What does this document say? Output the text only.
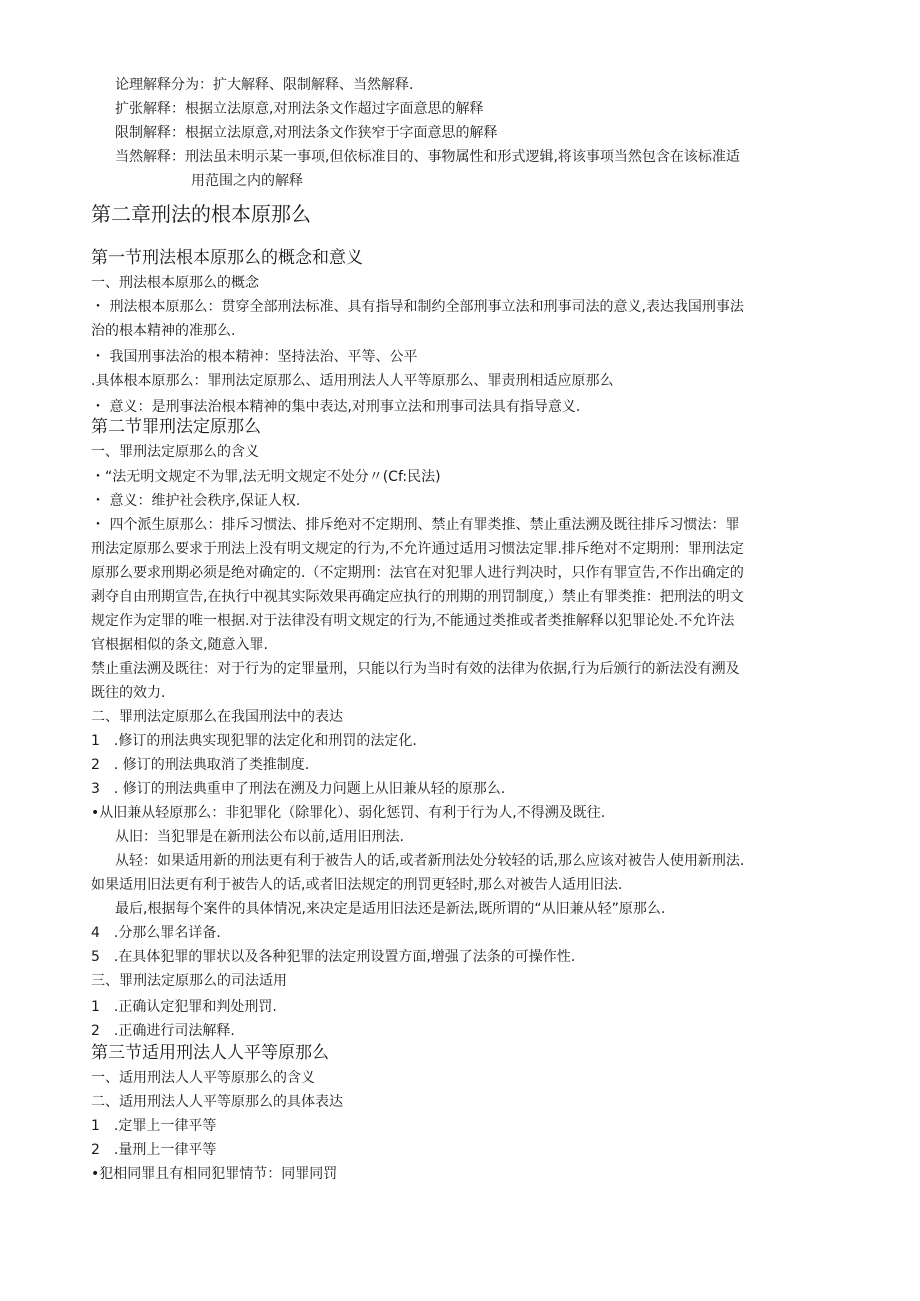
论理解释分为：扩大解释、限制解释、当然解释.
扩张解释：根据立法原意,对刑法条文作超过字面意思的解释
限制解释：根据立法原意,对刑法条文作狭窄于字面意思的解释
当然解释：刑法虽未明示某一事项,但依标准目的、事物属性和形式逻辑,将该事项当然包含在该标准适
用范围之内的解释
第二章刑法的根本原那么
第一节刑法根本原那么的概念和意义
一、刑法根本原那么的概念
・ 刑法根本原那么：贯穿全部刑法标准、具有指导和制约全部刑事立法和刑事司法的意义,表达我国刑事法
治的根本精神的准那么.
・ 我国刑事法治的根本精神：坚持法治、平等、公平
.具体根本原那么：罪刑法定原那么、适用刑法人人平等原那么、罪责刑相适应原那么
・ 意义：是刑事法治根本精神的集中表达,对刑事立法和刑事司法具有指导意义.
第二节罪刑法定原那么
一、罪刑法定原那么的含义
・“法无明文规定不为罪,法无明文规定不处分〃(Cf:民法)
・ 意义：维护社会秩序,保证人权.
・ 四个派生原那么：排斥习惯法、排斥绝对不定期刑、禁止有罪类推、禁止重法溯及既往排斥习惯法：罪
刑法定原那么要求于刑法上没有明文规定的行为,不允许通过适用习惯法定罪.排斥绝对不定期刑：罪刑法定
原那么要求刑期必须是绝对确定的.（不定期刑：法官在对犯罪人进行判决时，只作有罪宣告,不作出确定的
剥夺自由刑期宣告,在执行中视其实际效果再确定应执行的刑期的刑罚制度,）禁止有罪类推：把刑法的明文
规定作为定罪的唯一根据.对于法律没有明文规定的行为,不能通过类推或者类推解释以犯罪论处.不允许法
官根据相似的条文,随意入罪.
禁止重法溯及既往：对于行为的定罪量刑，只能以行为当时有效的法律为依据,行为后颁行的新法没有溯及
既往的效力.
二、罪刑法定原那么在我国刑法中的表达
1　.修订的刑法典实现犯罪的法定化和刑罚的法定化.
2　. 修订的刑法典取消了类推制度.
3　. 修订的刑法典重申了刑法在溯及力问题上从旧兼从轻的原那么.
•从旧兼从轻原那么：非犯罪化（除罪化）、弱化惩罚、有利于行为人,不得溯及既往.
从旧：当犯罪是在新刑法公布以前,适用旧刑法.
从轻：如果适用新的刑法更有利于被告人的话,或者新刑法处分较轻的话,那么应该对被告人使用新刑法.
如果适用旧法更有利于被告人的话,或者旧法规定的刑罚更轻时,那么对被告人适用旧法.
最后,根据每个案件的具体情况,来决定是适用旧法还是新法,既所谓的“从旧兼从轻”原那么.
4　.分那么罪名详备.
5　.在具体犯罪的罪状以及各种犯罪的法定刑设置方面,增强了法条的可操作性.
三、罪刑法定原那么的司法适用
1　.正确认定犯罪和判处刑罚.
2　.正确进行司法解释.
第三节适用刑法人人平等原那么
一、适用刑法人人平等原那么的含义
二、适用刑法人人平等原那么的具体表达
1　.定罪上一律平等
2　.量刑上一律平等
•犯相同罪且有相同犯罪情节：同罪同罚
